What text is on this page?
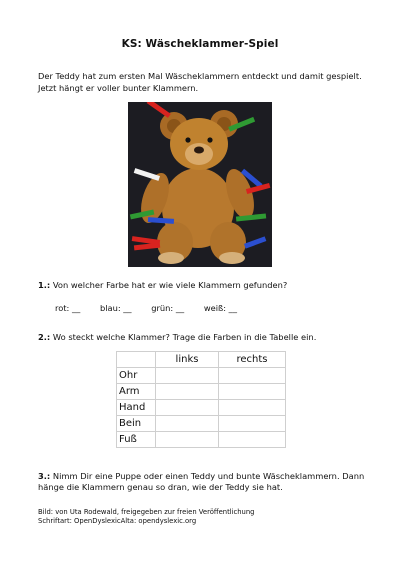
KS: Wäscheklammer-Spiel
Der Teddy hat zum ersten Mal Wäscheklammern entdeckt und damit gespielt. Jetzt hängt er voller bunter Klammern.
1.: Von welcher Farbe hat er wie viele Klammern gefunden?
rot: __ blau: __ grün: __ weiß: __
2.: Wo steckt welche Klammer? Trage die Farben in die Tabelle ein.
	links	rechts
Ohr		
Arm		
Hand		
Bein		
Fuß		
3.: Nimm Dir eine Puppe oder einen Teddy und bunte Wäscheklammern. Dann hänge die Klammern genau so dran, wie der Teddy sie hat.
Bild: von Uta Rodewald, freigegeben zur freien Veröffentlichung
Schriftart: OpenDyslexicAlta: opendyslexic.org
